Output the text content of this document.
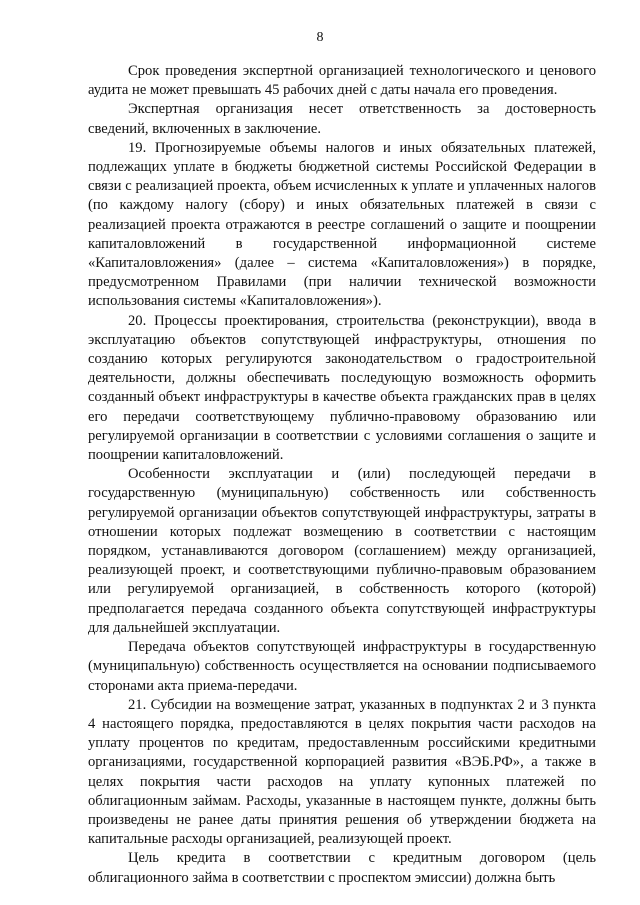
8

Срок проведения экспертной организацией технологического и ценового аудита не может превышать 45 рабочих дней с даты начала его проведения.

Экспертная организация несет ответственность за достоверность сведений, включенных в заключение.

19. Прогнозируемые объемы налогов и иных обязательных платежей, подлежащих уплате в бюджеты бюджетной системы Российской Федерации в связи с реализацией проекта, объем исчисленных к уплате и уплаченных налогов (по каждому налогу (сбору) и иных обязательных платежей в связи с реализацией проекта отражаются в реестре соглашений о защите и поощрении капиталовложений в государственной информационной системе «Капиталовложения» (далее – система «Капиталовложения») в порядке, предусмотренном Правилами (при наличии технической возможности использования системы «Капиталовложения»).

20. Процессы проектирования, строительства (реконструкции), ввода в эксплуатацию объектов сопутствующей инфраструктуры, отношения по созданию которых регулируются законодательством о градостроительной деятельности, должны обеспечивать последующую возможность оформить созданный объект инфраструктуры в качестве объекта гражданских прав в целях его передачи соответствующему публично-правовому образованию или регулируемой организации в соответствии с условиями соглашения о защите и поощрении капиталовложений.

Особенности эксплуатации и (или) последующей передачи в государственную (муниципальную) собственность или собственность регулируемой организации объектов сопутствующей инфраструктуры, затраты в отношении которых подлежат возмещению в соответствии с настоящим порядком, устанавливаются договором (соглашением) между организацией, реализующей проект, и соответствующими публично-правовым образованием или регулируемой организацией, в собственность которого (которой) предполагается передача созданного объекта сопутствующей инфраструктуры для дальнейшей эксплуатации.

Передача объектов сопутствующей инфраструктуры в государственную (муниципальную) собственность осуществляется на основании подписываемого сторонами акта приема-передачи.

21. Субсидии на возмещение затрат, указанных в подпунктах 2 и 3 пункта 4 настоящего порядка, предоставляются в целях покрытия части расходов на уплату процентов по кредитам, предоставленным российскими кредитными организациями, государственной корпорацией развития «ВЭБ.РФ», а также в целях покрытия части расходов на уплату купонных платежей по облигационным займам. Расходы, указанные в настоящем пункте, должны быть произведены не ранее даты принятия решения об утверждении бюджета на капитальные расходы организацией, реализующей проект.

Цель кредита в соответствии с кредитным договором (цель облигационного займа в соответствии с проспектом эмиссии) должна быть
